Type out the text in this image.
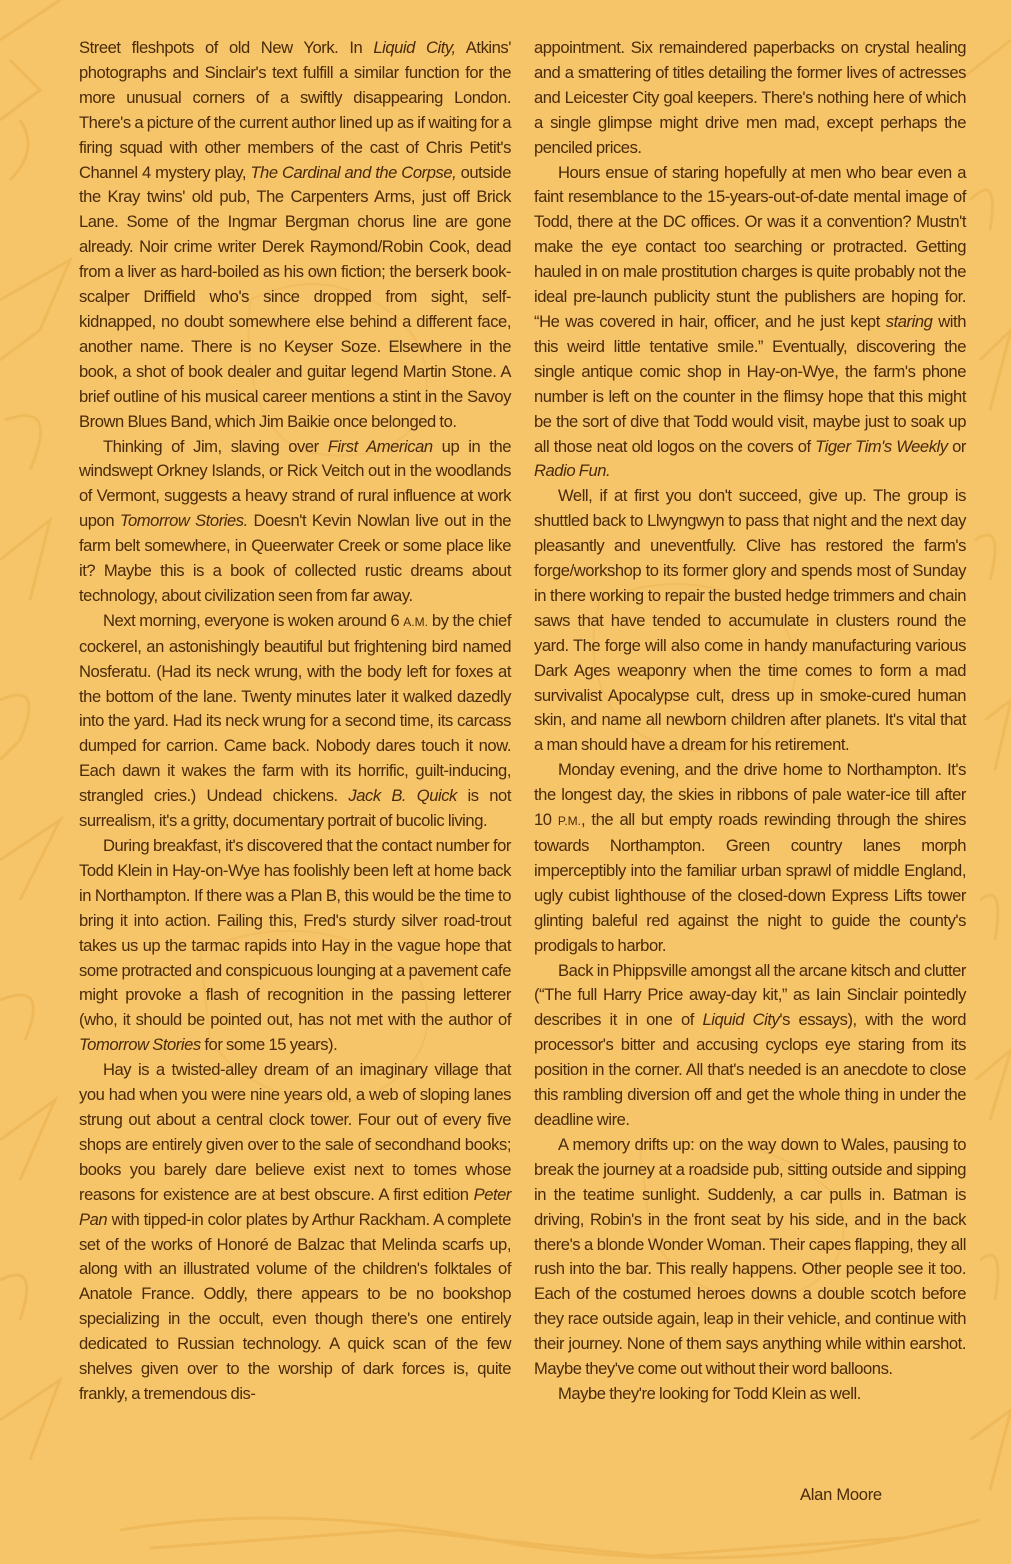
Street fleshpots of old New York. In Liquid City, Atkins' photographs and Sinclair's text fulfill a similar function for the more unusual corners of a swiftly disappearing London. There's a picture of the current author lined up as if waiting for a firing squad with other members of the cast of Chris Petit's Channel 4 mystery play, The Cardinal and the Corpse, outside the Kray twins' old pub, The Carpenters Arms, just off Brick Lane. Some of the Ingmar Bergman chorus line are gone already. Noir crime writer Derek Raymond/Robin Cook, dead from a liver as hard-boiled as his own fiction; the berserk book-scalper Driffield who's since dropped from sight, self-kidnapped, no doubt somewhere else behind a different face, another name. There is no Keyser Soze. Elsewhere in the book, a shot of book dealer and guitar legend Martin Stone. A brief outline of his musical career mentions a stint in the Savoy Brown Blues Band, which Jim Baikie once belonged to.

Thinking of Jim, slaving over First American up in the windswept Orkney Islands, or Rick Veitch out in the woodlands of Vermont, suggests a heavy strand of rural influence at work upon Tomorrow Stories. Doesn't Kevin Nowlan live out in the farm belt somewhere, in Queerwater Creek or some place like it? Maybe this is a book of collected rustic dreams about technology, about civilization seen from far away.

Next morning, everyone is woken around 6 A.M. by the chief cockerel, an astonishingly beautiful but frightening bird named Nosferatu. (Had its neck wrung, with the body left for foxes at the bottom of the lane. Twenty minutes later it walked dazedly into the yard. Had its neck wrung for a second time, its carcass dumped for carrion. Came back. Nobody dares touch it now. Each dawn it wakes the farm with its horrific, guilt-inducing, strangled cries.) Undead chickens. Jack B. Quick is not surrealism, it's a gritty, documentary portrait of bucolic living.

During breakfast, it's discovered that the contact number for Todd Klein in Hay-on-Wye has foolishly been left at home back in Northampton. If there was a Plan B, this would be the time to bring it into action. Failing this, Fred's sturdy silver road-trout takes us up the tarmac rapids into Hay in the vague hope that some protracted and conspicuous lounging at a pavement cafe might provoke a flash of recognition in the passing letterer (who, it should be pointed out, has not met with the author of Tomorrow Stories for some 15 years).

Hay is a twisted-alley dream of an imaginary village that you had when you were nine years old, a web of sloping lanes strung out about a central clock tower. Four out of every five shops are entirely given over to the sale of secondhand books; books you barely dare believe exist next to tomes whose reasons for existence are at best obscure. A first edition Peter Pan with tipped-in color plates by Arthur Rackham. A complete set of the works of Honoré de Balzac that Melinda scarfs up, along with an illustrated volume of the children's folktales of Anatole France. Oddly, there appears to be no bookshop specializing in the occult, even though there's one entirely dedicated to Russian technology. A quick scan of the few shelves given over to the worship of dark forces is, quite frankly, a tremendous dis-

appointment. Six remaindered paperbacks on crystal healing and a smattering of titles detailing the former lives of actresses and Leicester City goal keepers. There's nothing here of which a single glimpse might drive men mad, except perhaps the penciled prices.

Hours ensue of staring hopefully at men who bear even a faint resemblance to the 15-years-out-of-date mental image of Todd, there at the DC offices. Or was it a convention? Mustn't make the eye contact too searching or protracted. Getting hauled in on male prostitution charges is quite probably not the ideal pre-launch publicity stunt the publishers are hoping for. “He was covered in hair, officer, and he just kept staring with this weird little tentative smile.” Eventually, discovering the single antique comic shop in Hay-on-Wye, the farm's phone number is left on the counter in the flimsy hope that this might be the sort of dive that Todd would visit, maybe just to soak up all those neat old logos on the covers of Tiger Tim's Weekly or Radio Fun.

Well, if at first you don't succeed, give up. The group is shuttled back to Llwyngwyn to pass that night and the next day pleasantly and uneventfully. Clive has restored the farm's forge/workshop to its former glory and spends most of Sunday in there working to repair the busted hedge trimmers and chain saws that have tended to accumulate in clusters round the yard. The forge will also come in handy manufacturing various Dark Ages weaponry when the time comes to form a mad survivalist Apocalypse cult, dress up in smoke-cured human skin, and name all newborn children after planets. It's vital that a man should have a dream for his retirement.

Monday evening, and the drive home to Northampton. It's the longest day, the skies in ribbons of pale water-ice till after 10 P.M., the all but empty roads rewinding through the shires towards Northampton. Green country lanes morph imperceptibly into the familiar urban sprawl of middle England, ugly cubist lighthouse of the closed-down Express Lifts tower glinting baleful red against the night to guide the county's prodigals to harbor.

Back in Phippsville amongst all the arcane kitsch and clutter (“The full Harry Price away-day kit,” as Iain Sinclair pointedly describes it in one of Liquid City's essays), with the word processor's bitter and accusing cyclops eye staring from its position in the corner. All that's needed is an anecdote to close this rambling diversion off and get the whole thing in under the deadline wire.

A memory drifts up: on the way down to Wales, pausing to break the journey at a roadside pub, sitting outside and sipping in the teatime sunlight. Suddenly, a car pulls in. Batman is driving, Robin's in the front seat by his side, and in the back there's a blonde Wonder Woman. Their capes flapping, they all rush into the bar. This really happens. Other people see it too. Each of the costumed heroes downs a double scotch before they race outside again, leap in their vehicle, and continue with their journey. None of them says anything while within earshot. Maybe they've come out without their word balloons.

Maybe they're looking for Todd Klein as well.

Alan Moore
